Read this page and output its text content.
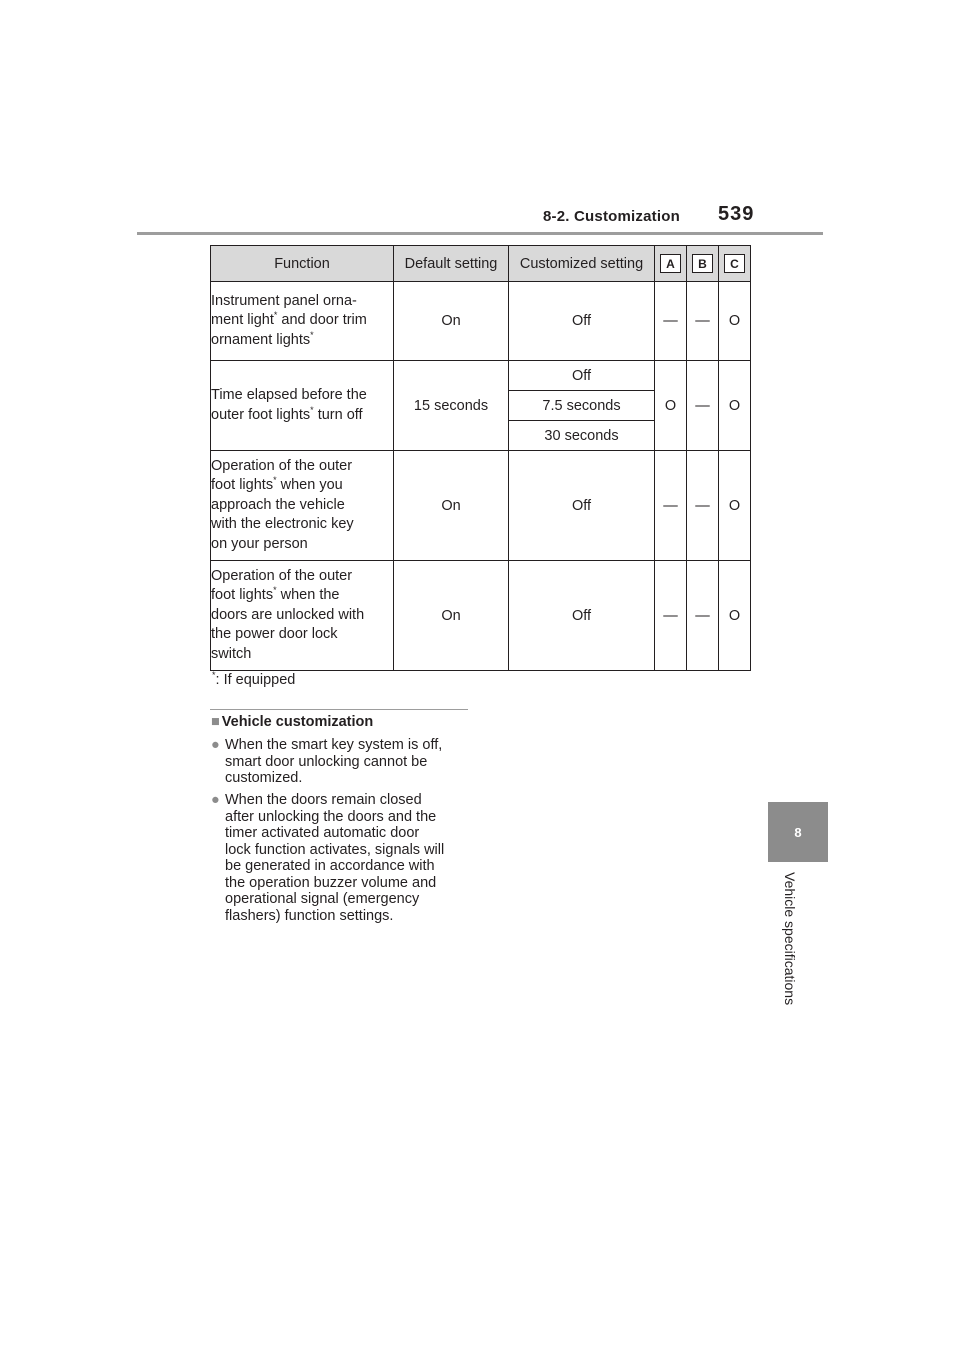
8-2. Customization 539
8
Vehicle specifications
Function	Default setting	Customized setting	A	B	C
Instrument panel orna-
ment light* and door trim
ornament lights*	On	Off	—	—	O
Time elapsed before the
outer foot lights* turn off	15 seconds	Off	O	—	O
		7.5 seconds			
		30 seconds			
Operation of the outer
foot lights* when you
approach the vehicle
with the electronic key
on your person	On	Off	—	—	O
Operation of the outer
foot lights* when the
doors are unlocked with
the power door lock
switch	On	Off	—	—	O
*: If equipped
■ Vehicle customization
● When the smart key system is off,
smart door unlocking cannot be
customized.
● When the doors remain closed
after unlocking the doors and the
timer activated automatic door
lock function activates, signals will
be generated in accordance with
the operation buzzer volume and
operational signal (emergency
flashers) function settings.
